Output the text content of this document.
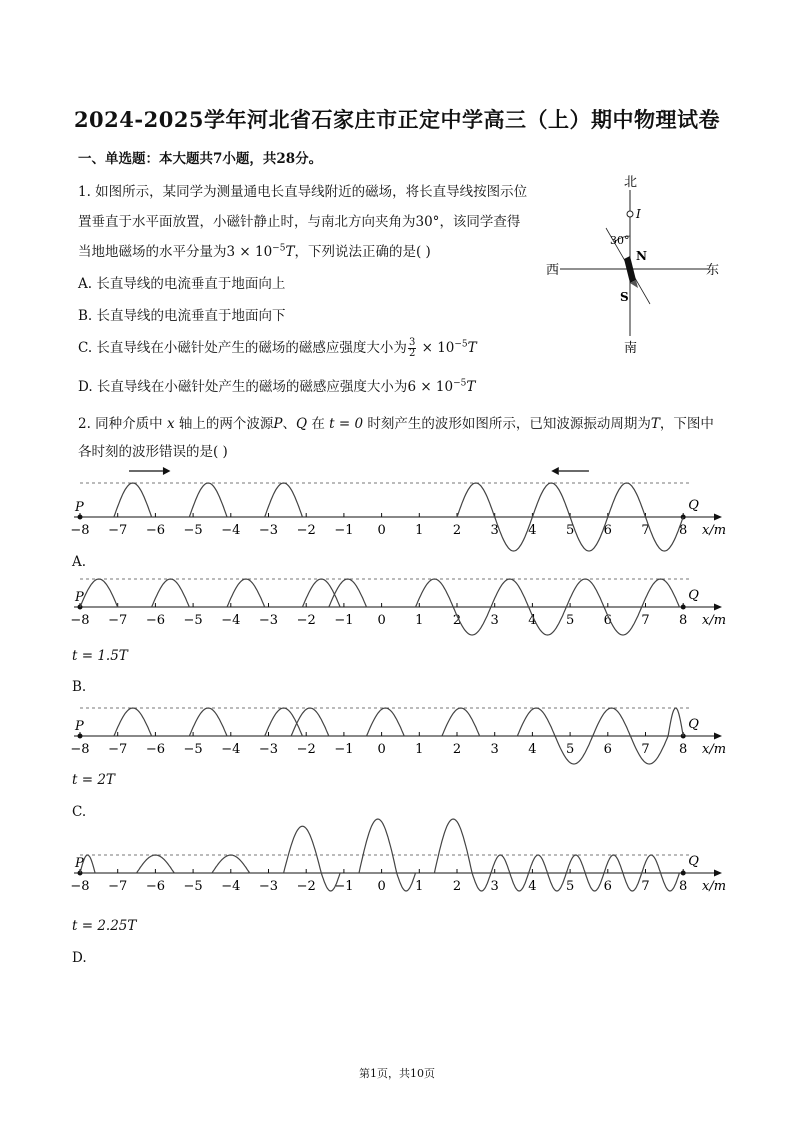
2024-2025学年河北省石家庄市正定中学高三（上）期中物理试卷
一、单选题：本大题共7小题，共28分。
1. 如图所示，某同学为测量通电长直导线附近的磁场，将长直导线按图示位
置垂直于水平面放置，小磁针静止时，与南北方向夹角为30°，该同学查得
当地地磁场的水平分量为$3 \times 10^{-5}T$，下列说法正确的是( )
A. 长直导线的电流垂直于地面向上
B. 长直导线的电流垂直于地面向下
C. 长直导线在小磁针处产生的磁场的磁感应强度大小为 $\frac{3}{2} \times 10^{-5}T$
D. 长直导线在小磁针处产生的磁场的磁感应强度大小为$6 \times 10^{-5}T$
北
南
西	东
I
30°
N
S
2. 同种介质中 x 轴上的两个波源P、Q 在 t = 0 时刻产生的波形如图所示，已知波源振动周期为T，下图中
各时刻的波形错误的是( )
−8 −7 −6 −5 −4 −3 −2 −1 0 1 2 3 4 5 6 7 8 x/m
P	Q
A.
−8 −7 −6 −5 −4 −3 −2 −1 0 1 2 3 4 5 6 7 8 x/m
P	Q
t = 1.5T
B.
−8 −7 −6 −5 −4 −3 −2 −1 0 1 2 3 4 5 6 7 8 x/m
P	Q
t = 2T
C.
−8 −7 −6 −5 −4 −3 −2 −1 0 1 2 3 4 5 6 7 8 x/m
P	Q
t = 2.25T
D.
第1页，共10页
